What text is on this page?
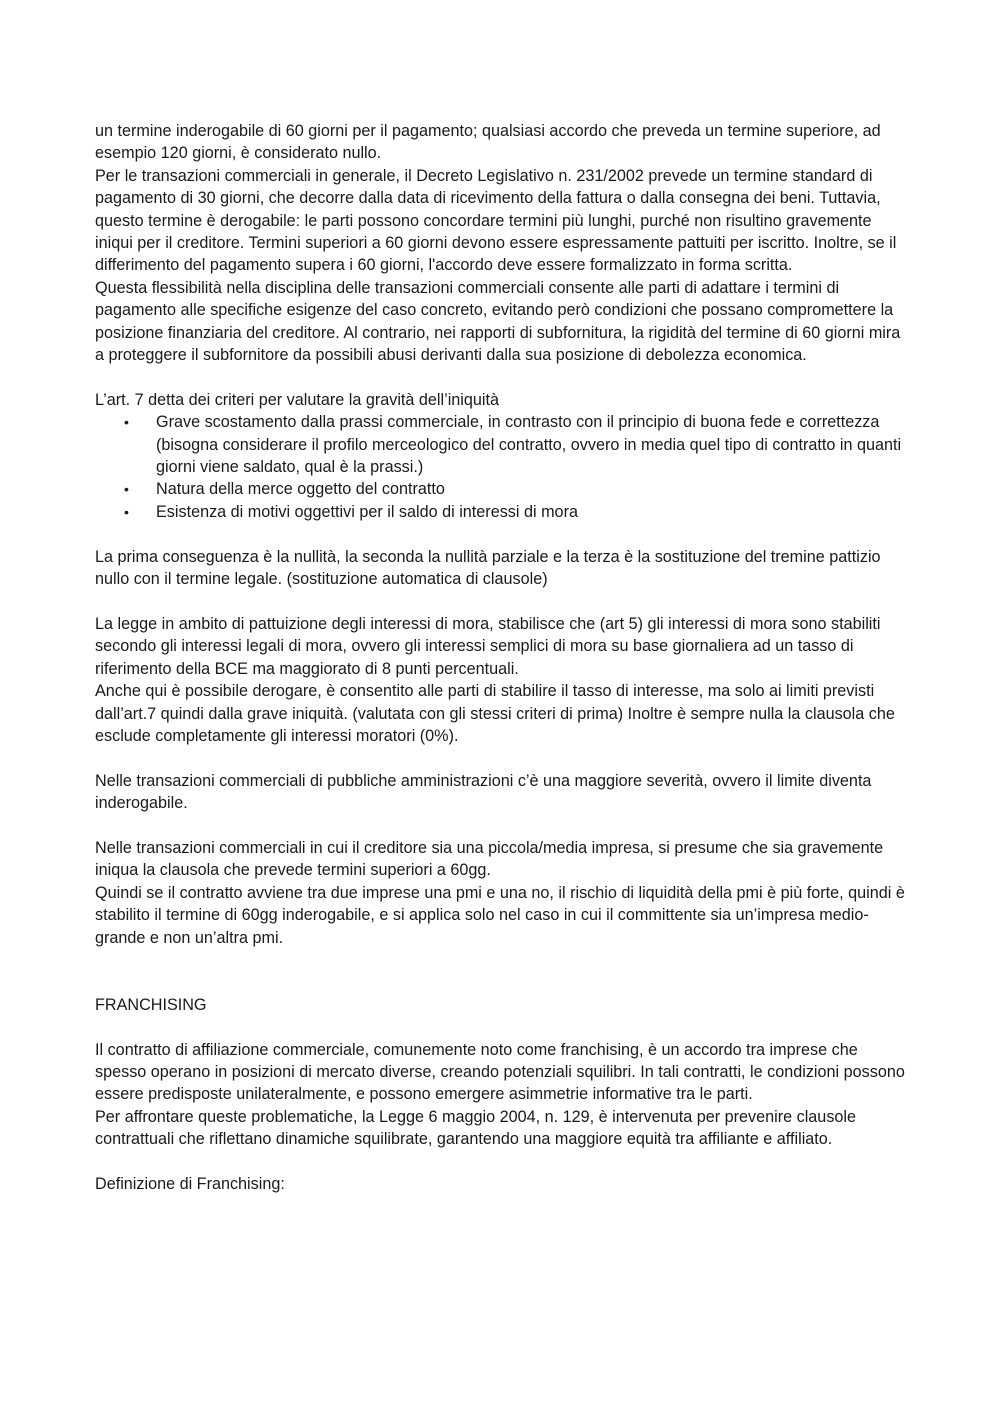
un termine inderogabile di 60 giorni per il pagamento; qualsiasi accordo che preveda un termine superiore, ad esempio 120 giorni, è considerato nullo.

Per le transazioni commerciali in generale, il Decreto Legislativo n. 231/2002 prevede un termine standard di pagamento di 30 giorni, che decorre dalla data di ricevimento della fattura o dalla consegna dei beni. Tuttavia, questo termine è derogabile: le parti possono concordare termini più lunghi, purché non risultino gravemente iniqui per il creditore. Termini superiori a 60 giorni devono essere espressamente pattuiti per iscritto. Inoltre, se il differimento del pagamento supera i 60 giorni, l'accordo deve essere formalizzato in forma scritta.

Questa flessibilità nella disciplina delle transazioni commerciali consente alle parti di adattare i termini di pagamento alle specifiche esigenze del caso concreto, evitando però condizioni che possano compromettere la posizione finanziaria del creditore. Al contrario, nei rapporti di subfornitura, la rigidità del termine di 60 giorni mira a proteggere il subfornitore da possibili abusi derivanti dalla sua posizione di debolezza economica.

L’art. 7 detta dei criteri per valutare la gravità dell’iniquità

• Grave scostamento dalla prassi commerciale, in contrasto con il principio di buona fede e correttezza (bisogna considerare il profilo merceologico del contratto, ovvero in media quel tipo di contratto in quanti giorni viene saldato, qual è la prassi.)
• Natura della merce oggetto del contratto
• Esistenza di motivi oggettivi per il saldo di interessi di mora

La prima conseguenza è la nullità, la seconda la nullità parziale e la terza è la sostituzione del tremine pattizio nullo con il termine legale. (sostituzione automatica di clausole)

La legge in ambito di pattuizione degli interessi di mora, stabilisce che (art 5) gli interessi di mora sono stabiliti secondo gli interessi legali di mora, ovvero gli interessi semplici di mora su base giornaliera ad un tasso di riferimento della BCE ma maggiorato di 8 punti percentuali.

Anche qui è possibile derogare, è consentito alle parti di stabilire il tasso di interesse, ma solo ai limiti previsti dall’art.7 quindi dalla grave iniquità. (valutata con gli stessi criteri di prima) Inoltre è sempre nulla la clausola che esclude completamente gli interessi moratori (0%).

Nelle transazioni commerciali di pubbliche amministrazioni c’è una maggiore severità, ovvero il limite diventa inderogabile.

Nelle transazioni commerciali in cui il creditore sia una piccola/media impresa, si presume che sia gravemente iniqua la clausola che prevede termini superiori a 60gg.

Quindi se il contratto avviene tra due imprese una pmi e una no, il rischio di liquidità della pmi è più forte, quindi è stabilito il termine di 60gg inderogabile, e si applica solo nel caso in cui il committente sia un’impresa medio-grande e non un’altra pmi.

FRANCHISING

Il contratto di affiliazione commerciale, comunemente noto come franchising, è un accordo tra imprese che spesso operano in posizioni di mercato diverse, creando potenziali squilibri. In tali contratti, le condizioni possono essere predisposte unilateralmente, e possono emergere asimmetrie informative tra le parti.

Per affrontare queste problematiche, la Legge 6 maggio 2004, n. 129, è intervenuta per prevenire clausole contrattuali che riflettano dinamiche squilibrate, garantendo una maggiore equità tra affiliante e affiliato.

Definizione di Franchising:
